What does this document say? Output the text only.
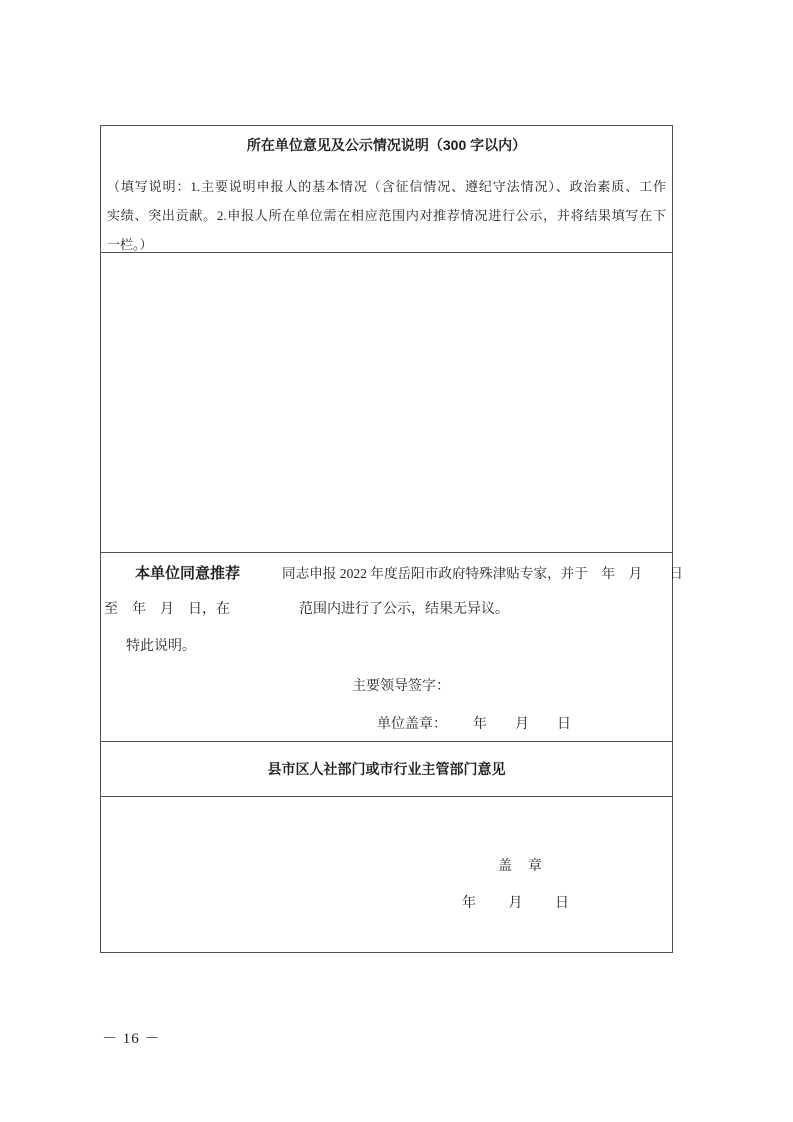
所在单位意见及公示情况说明（300 字以内）
（填写说明：1.主要说明申报人的基本情况（含征信情况、遵纪守法情况）、政治素质、工作
实绩、突出贡献。2.申报人所在单位需在相应范围内对推荐情况进行公示，并将结果填写在下
一栏。）
本单位同意推荐	同志申报 2022 年度岳阳市政府特殊津贴专家，并于　年　月　　日
至　年　月　日，在	范围内进行了公示，结果无异议。
特此说明。
主要领导签字：
单位盖章： 年　　月　　日
县市区人社部门或市行业主管部门意见
盖　章
年　　月　　日
－ 16 －
